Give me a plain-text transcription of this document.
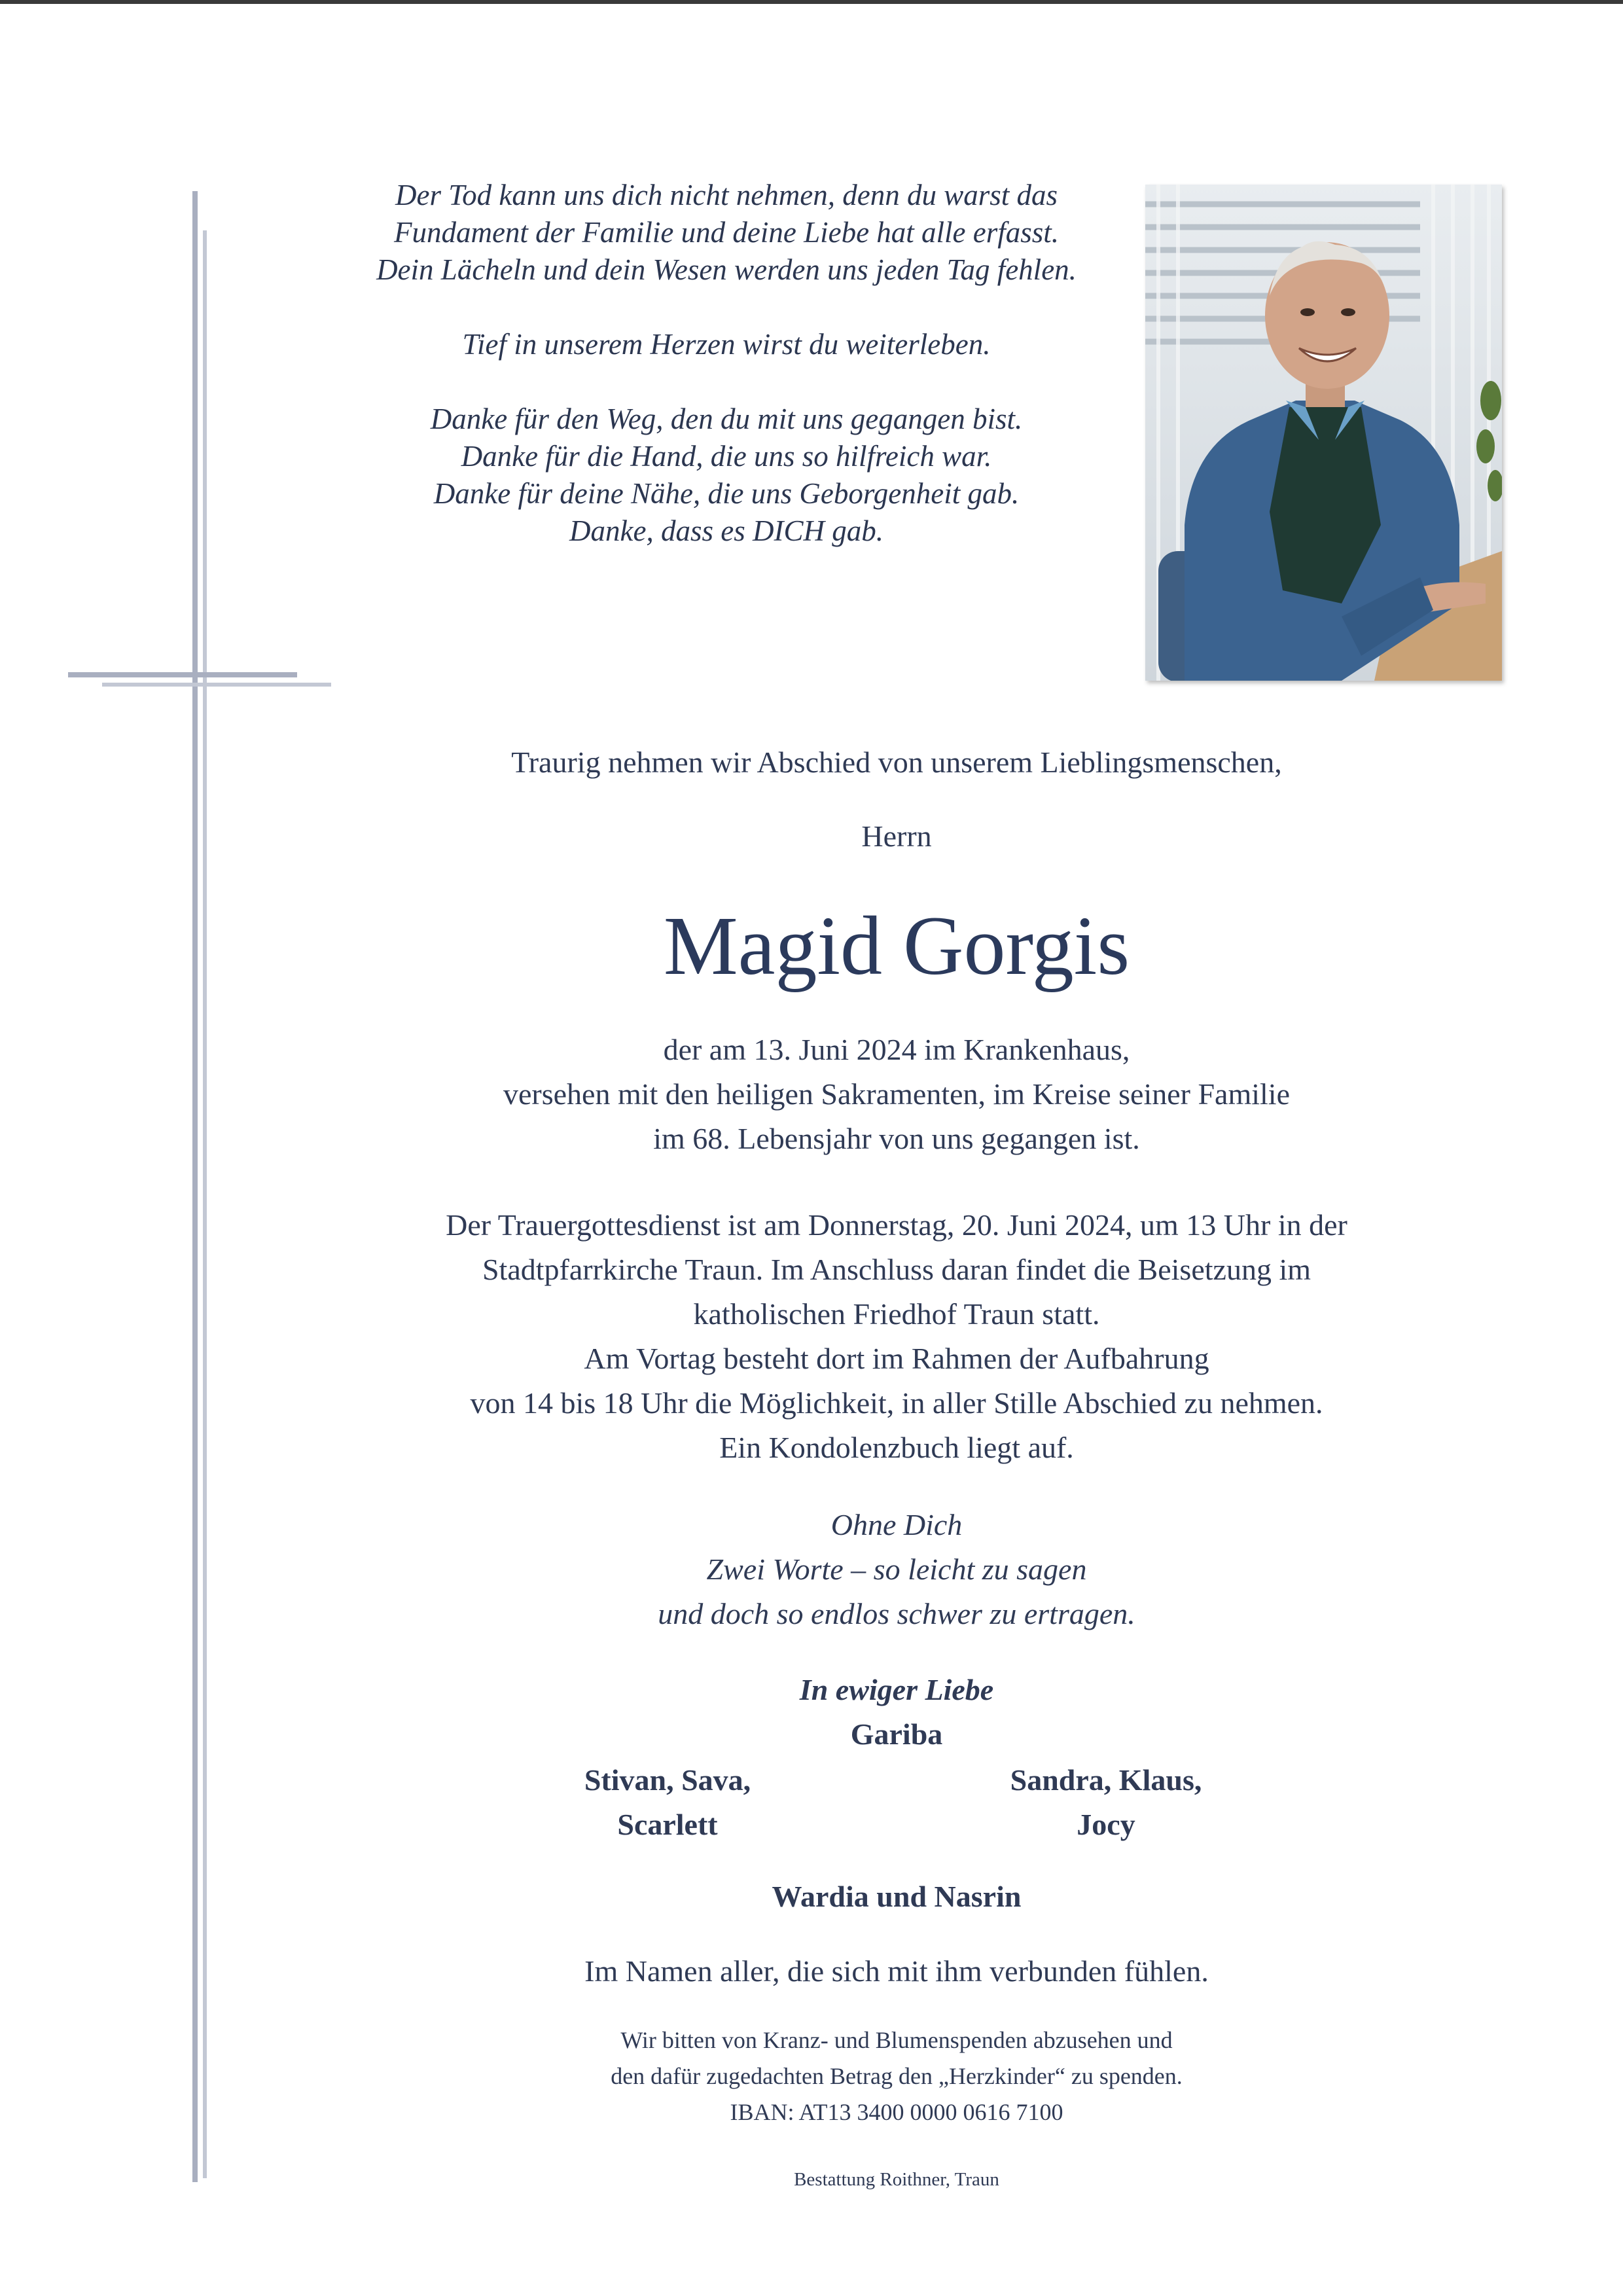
Der Tod kann uns dich nicht nehmen, denn du warst das

Fundament der Familie und deine Liebe hat alle erfasst.

Dein Lächeln und dein Wesen werden uns jeden Tag fehlen.

Tief in unserem Herzen wirst du weiterleben.

Danke für den Weg, den du mit uns gegangen bist.

Danke für die Hand, die uns so hilfreich war.

Danke für deine Nähe, die uns Geborgenheit gab.

Danke, dass es DICH gab.

Traurig nehmen wir Abschied von unserem Lieblingsmenschen,
Herrn
Magid Gorgis

der am 13. Juni 2024 im Krankenhaus,

versehen mit den heiligen Sakramenten, im Kreise seiner Familie

im 68. Lebensjahr von uns gegangen ist.

Der Trauergottesdienst ist am Donnerstag, 20. Juni 2024, um 13 Uhr in der

Stadtpfarrkirche Traun. Im Anschluss daran findet die Beisetzung im

katholischen Friedhof Traun statt.

Am Vortag besteht dort im Rahmen der Aufbahrung

von 14 bis 18 Uhr die Möglichkeit, in aller Stille Abschied zu nehmen.

Ein Kondolenzbuch liegt auf.

Ohne Dich

Zwei Worte – so leicht zu sagen

und doch so endlos schwer zu ertragen.

In ewiger Liebe
Gariba

Stivan, Sava,

Scarlett

Sandra, Klaus,

Jocy

Wardia und Nasrin
Im Namen aller, die sich mit ihm verbunden fühlen.

Wir bitten von Kranz- und Blumenspenden abzusehen und

den dafür zugedachten Betrag den „Herzkinder“ zu spenden.

IBAN: AT13 3400 0000 0616 7100

Bestattung Roithner, Traun
